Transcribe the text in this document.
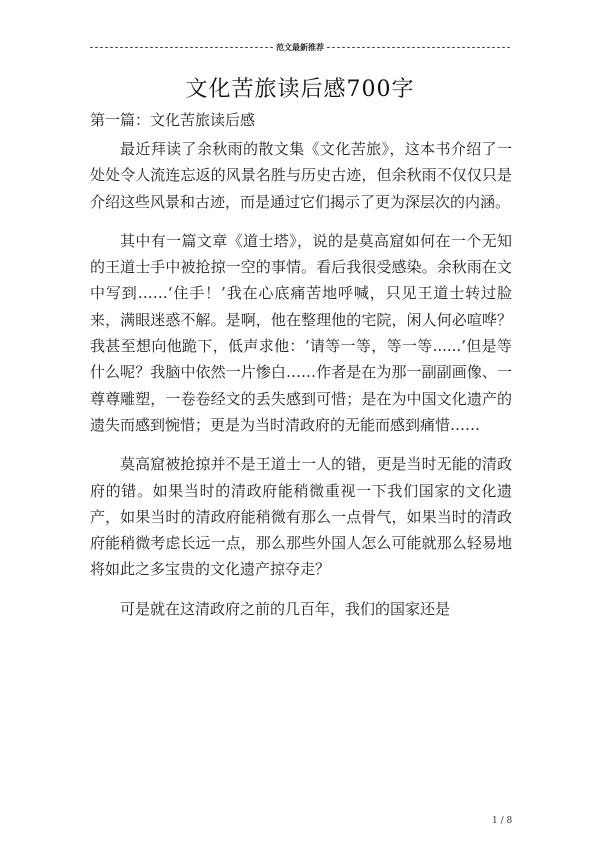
范文最新推荐
文化苦旅读后感700字
第一篇：文化苦旅读后感

最近拜读了余秋雨的散文集《文化苦旅》，这本书介绍了一处处令人流连忘返的风景名胜与历史古迹，但余秋雨不仅仅只是介绍这些风景和古迹，而是通过它们揭示了更为深层次的内涵。

其中有一篇文章《道士塔》，说的是莫高窟如何在一个无知的王道士手中被抢掠一空的事情。看后我很受感染。余秋雨在文中写到……‘住手！’我在心底痛苦地呼喊，只见王道士转过脸来，满眼迷惑不解。是啊，他在整理他的宅院，闲人何必喧哗？我甚至想向他跪下，低声求他：‘请等一等，等一等......’但是等什么呢？我脑中依然一片惨白……作者是在为那一副副画像、一尊尊雕塑，一卷卷经文的丢失感到可惜；是在为中国文化遗产的遗失而感到惋惜；更是为当时清政府的无能而感到痛惜……

莫高窟被抢掠并不是王道士一人的错，更是当时无能的清政府的错。如果当时的清政府能稍微重视一下我们国家的文化遗产，如果当时的清政府能稍微有那么一点骨气，如果当时的清政府能稍微考虑长远一点，那么那些外国人怎么可能就那么轻易地将如此之多宝贵的文化遗产掠夺走？

可是就在这清政府之前的几百年，我们的国家还是

1 / 8
